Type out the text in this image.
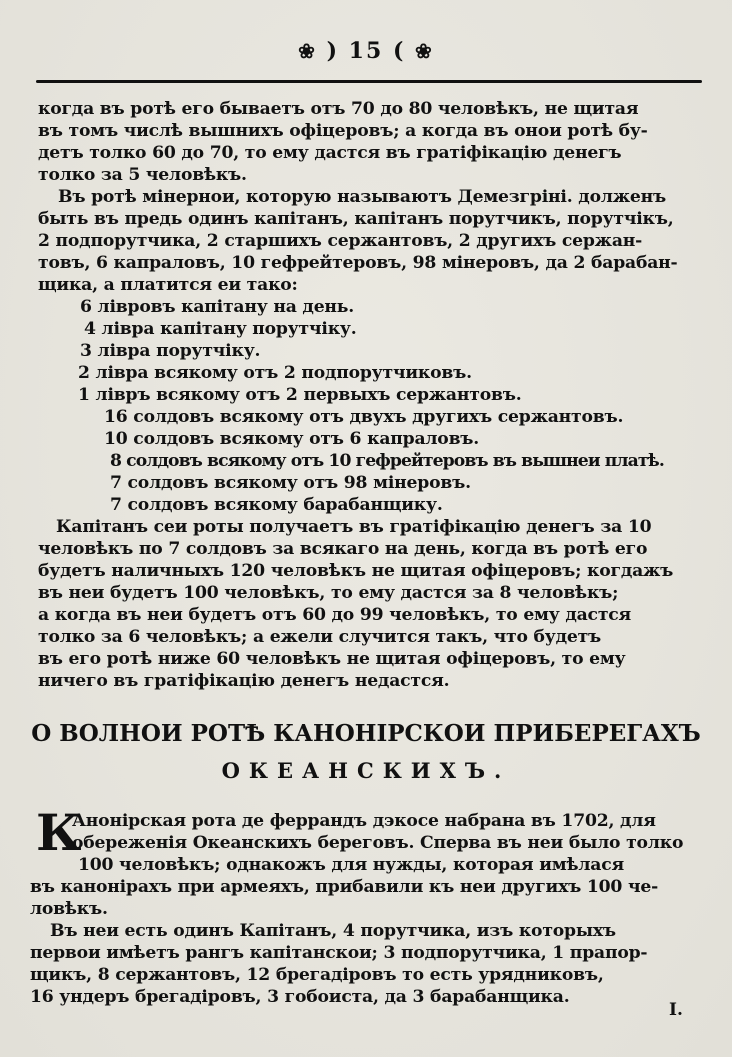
❀ ) 15 ( ❀
когда въ ротѣ его бываетъ отъ 70 до 80 человѣкъ, не щитая
въ томъ числѣ вышнихъ офіцеровъ; а когда въ онои ротѣ бу-
детъ толко 60 до 70, то ему дастся въ гратіфікацію денегъ
толко за 5 человѣкъ.
Въ ротѣ мінернои, которую называютъ Демезгріні. долженъ
быть въ предь одинъ капітанъ, капітанъ порутчикъ, порутчікъ,
2 подпорутчика, 2 старшихъ сержантовъ, 2 другихъ сержан-
товъ, 6 капраловъ, 10 гефрейтеровъ, 98 мінеровъ, да 2 барабан-
щика, а платится еи тако:
6 лівровъ капітану на день.
4 ліврa капітану порутчіку.
3 ліврa порутчіку.
2 ліврa всякому отъ 2 подпорутчиковъ.
1 лівръ всякому отъ 2 первыхъ сержантовъ.
16 солдовъ всякому отъ двухъ другихъ сержантовъ.
10 солдовъ всякому отъ 6 капраловъ.
8 солдовъ всякому отъ 10 гефрейтеровъ въ вышнеи платѣ.
7 солдовъ всякому отъ 98 мінеровъ.
7 солдовъ всякому барабанщику.
Капітанъ сеи роты получаетъ въ гратіфікацію денегъ за 10
человѣкъ по 7 солдовъ за всякаго на день, когда въ ротѣ его
будетъ наличныхъ 120 человѣкъ не щитая офіцеровъ; когдажъ
въ неи будетъ 100 человѣкъ, то ему дастся за 8 человѣкъ;
а когда въ неи будетъ отъ 60 до 99 человѣкъ, то ему дастся
толко за 6 человѣкъ; а ежели случится такъ, что будетъ
въ его ротѣ ниже 60 человѣкъ не щитая офіцеровъ, то ему
ничего въ гратіфікацію денегъ недастся.
О ВОЛНОИ РОТѢ КАНОНІРСКОИ ПРИБЕРЕГАХЪ
ОКЕАНСКИХЪ.
К
Анонірская рота де феррандъ дэкосе набрана въ 1702, для
обереженія Океанскихъ береговъ. Сперва въ неи было толко
100 человѣкъ; однакожъ для нужды, которая имѣлася
въ канонірахъ при армеяхъ, прибавили къ неи другихъ 100 че-
ловѣкъ.
Въ неи есть одинъ Капітанъ, 4 порутчика, изъ которыхъ
первои имѣетъ рангъ капітанскои; 3 подпорутчика, 1 прапор-
щикъ, 8 сержантовъ, 12 брегадіровъ то есть урядниковъ,
16 ундеръ брегадіровъ, 3 гобоиста, да 3 барабанщика.
I.
